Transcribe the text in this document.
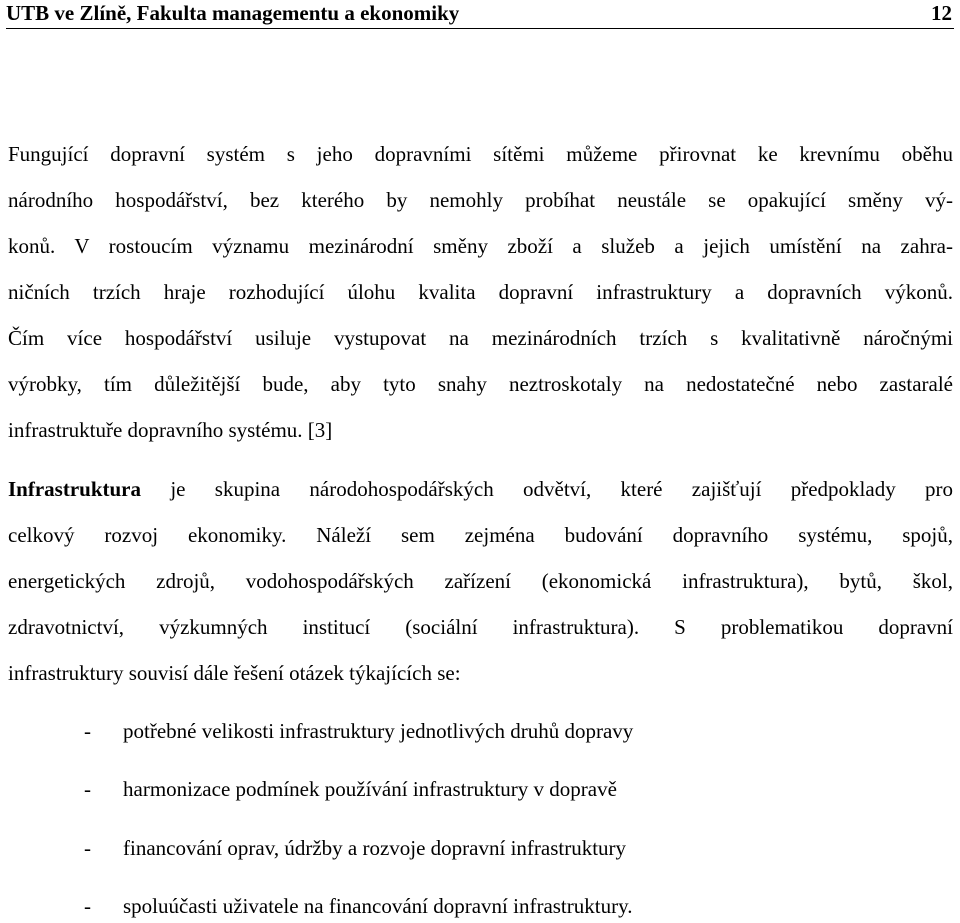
UTB ve Zlíně, Fakulta managementu a ekonomiky	12
Fungující dopravní systém s jeho dopravními sítěmi můžeme přirovnat ke krevnímu oběhu
národního hospodářství, bez kterého by nemohly probíhat neustále se opakující směny vý-
konů. V rostoucím významu mezinárodní směny zboží a služeb a jejich umístění na zahra-
ničních trzích hraje rozhodující úlohu kvalita dopravní infrastruktury a dopravních výkonů.
Čím více hospodářství usiluje vystupovat na mezinárodních trzích s kvalitativně náročnými
výrobky, tím důležitější bude, aby tyto snahy neztroskotaly na nedostatečné nebo zastaralé
infrastruktuře dopravního systému. [3]
Infrastruktura je skupina národohospodářských odvětví, které zajišťují předpoklady pro
celkový rozvoj ekonomiky. Náleží sem zejména budování dopravního systému, spojů,
energetických zdrojů, vodohospodářských zařízení (ekonomická infrastruktura), bytů, škol,
zdravotnictví, výzkumných institucí (sociální infrastruktura). S problematikou dopravní
infrastruktury souvisí dále řešení otázek týkajících se:
- potřebné velikosti infrastruktury jednotlivých druhů dopravy
- harmonizace podmínek používání infrastruktury v dopravě
- financování oprav, údržby a rozvoje dopravní infrastruktury
- spoluúčasti uživatele na financování dopravní infrastruktury.
